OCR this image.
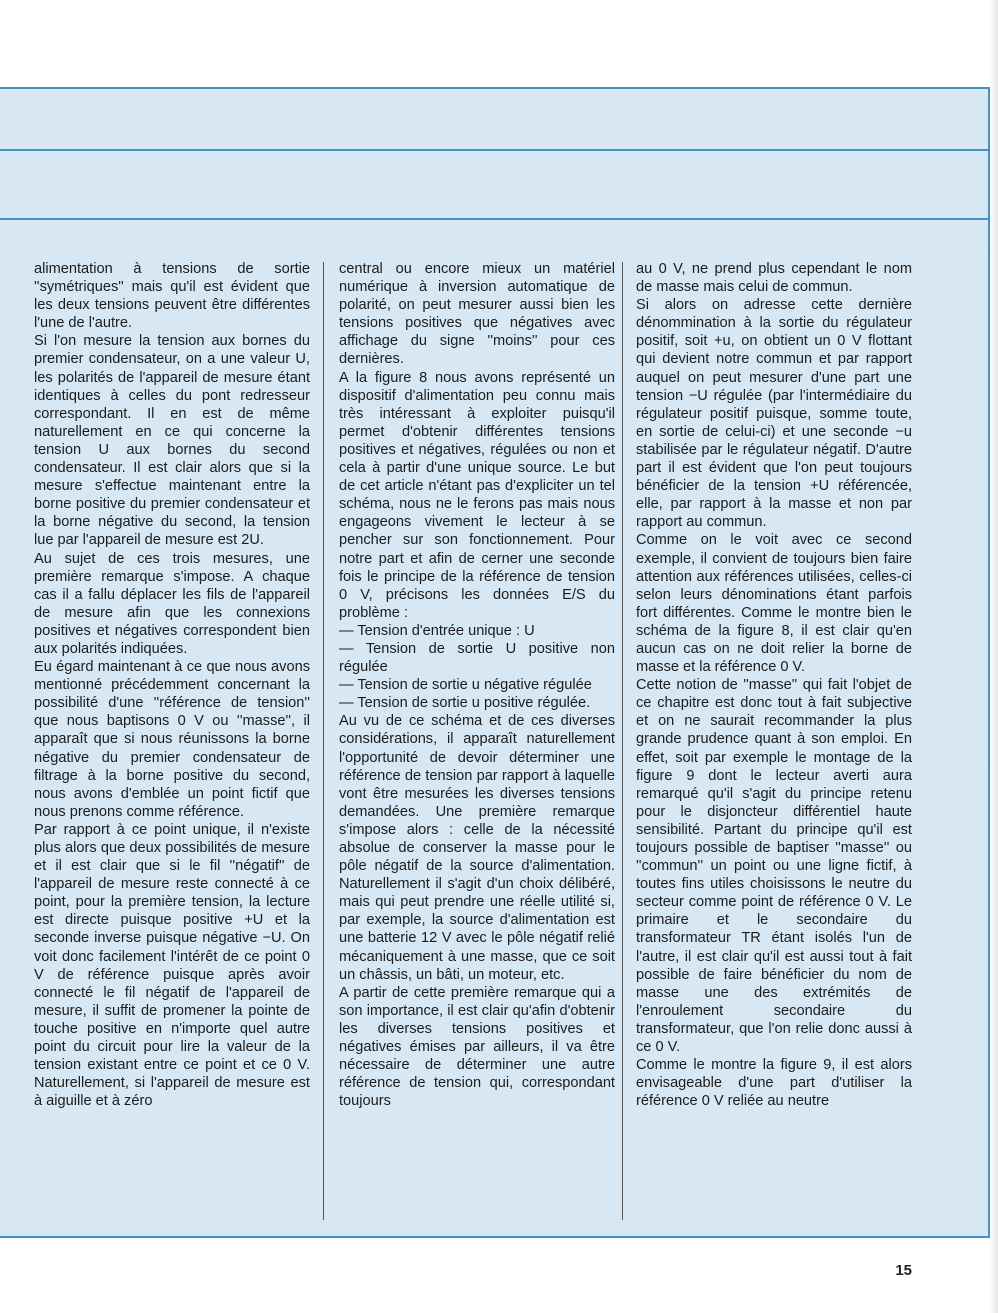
alimentation à tensions de sortie ''symétriques'' mais qu'il est évident que les deux tensions peuvent être différentes l'une de l'autre.

Si l'on mesure la tension aux bornes du premier condensateur, on a une valeur U, les polarités de l'appareil de mesure étant identiques à celles du pont redresseur correspondant. Il en est de même naturellement en ce qui concerne la tension U aux bornes du second condensateur. Il est clair alors que si la mesure s'effectue maintenant entre la borne positive du premier condensateur et la borne négative du second, la tension lue par l'appareil de mesure est 2U.

Au sujet de ces trois mesures, une première remarque s'impose. A chaque cas il a fallu déplacer les fils de l'appareil de mesure afin que les connexions positives et négatives correspondent bien aux polarités indiquées.

Eu égard maintenant à ce que nous avons mentionné précédemment concernant la possibilité d'une ''référence de tension'' que nous baptisons 0 V ou ''masse'', il apparaît que si nous réunissons la borne négative du premier condensateur de filtrage à la borne positive du second, nous avons d'emblée un point fictif que nous prenons comme référence.

Par rapport à ce point unique, il n'existe plus alors que deux possibilités de mesure et il est clair que si le fil ''négatif'' de l'appareil de mesure reste connecté à ce point, pour la première tension, la lecture est directe puisque positive +U et la seconde inverse puisque négative −U. On voit donc facilement l'intérêt de ce point 0 V de référence puisque après avoir connecté le fil négatif de l'appareil de mesure, il suffit de promener la pointe de touche positive en n'importe quel autre point du circuit pour lire la valeur de la tension existant entre ce point et ce 0 V. Naturellement, si l'appareil de mesure est à aiguille et à zéro

central ou encore mieux un matériel numérique à inversion automatique de polarité, on peut mesurer aussi bien les tensions positives que négatives avec affichage du signe ''moins'' pour ces dernières.

A la figure 8 nous avons représenté un dispositif d'alimentation peu connu mais très intéressant à exploiter puisqu'il permet d'obtenir différentes tensions positives et négatives, régulées ou non et cela à partir d'une unique source. Le but de cet article n'étant pas d'expliciter un tel schéma, nous ne le ferons pas mais nous engageons vivement le lecteur à se pencher sur son fonctionnement. Pour notre part et afin de cerner une seconde fois le principe de la référence de tension 0 V, précisons les données E/S du problème :

— Tension d'entrée unique : U

— Tension de sortie U positive non régulée

— Tension de sortie u négative régulée

— Tension de sortie u positive régulée.

Au vu de ce schéma et de ces diverses considérations, il apparaît naturellement l'opportunité de devoir déterminer une référence de tension par rapport à laquelle vont être mesurées les diverses tensions demandées. Une première remarque s'impose alors : celle de la nécessité absolue de conserver la masse pour le pôle négatif de la source d'alimentation. Naturellement il s'agit d'un choix délibéré, mais qui peut prendre une réelle utilité si, par exemple, la source d'alimentation est une batterie 12 V avec le pôle négatif relié mécaniquement à une masse, que ce soit un châssis, un bâti, un moteur, etc.

A partir de cette première remarque qui a son importance, il est clair qu'afin d'obtenir les diverses tensions positives et négatives émises par ailleurs, il va être nécessaire de déterminer une autre référence de tension qui, correspondant toujours

au 0 V, ne prend plus cependant le nom de masse mais celui de commun.

Si alors on adresse cette dernière dénommination à la sortie du régulateur positif, soit +u, on obtient un 0 V flottant qui devient notre commun et par rapport auquel on peut mesurer d'une part une tension −U régulée (par l'intermédiaire du régulateur positif puisque, somme toute, en sortie de celui-ci) et une seconde −u stabilisée par le régulateur négatif. D'autre part il est évident que l'on peut toujours bénéficier de la tension +U référencée, elle, par rapport à la masse et non par rapport au commun.

Comme on le voit avec ce second exemple, il convient de toujours bien faire attention aux références utilisées, celles-ci selon leurs dénominations étant parfois fort différentes. Comme le montre bien le schéma de la figure 8, il est clair qu'en aucun cas on ne doit relier la borne de masse et la référence 0 V.

Cette notion de ''masse'' qui fait l'objet de ce chapitre est donc tout à fait subjective et on ne saurait recommander la plus grande prudence quant à son emploi. En effet, soit par exemple le montage de la figure 9 dont le lecteur averti aura remarqué qu'il s'agit du principe retenu pour le disjoncteur différentiel haute sensibilité. Partant du principe qu'il est toujours possible de baptiser ''masse'' ou ''commun'' un point ou une ligne fictif, à toutes fins utiles choisissons le neutre du secteur comme point de référence 0 V. Le primaire et le secondaire du transformateur TR étant isolés l'un de l'autre, il est clair qu'il est aussi tout à fait possible de faire bénéficier du nom de masse une des extrémités de l'enroulement secondaire du transformateur, que l'on relie donc aussi à ce 0 V.

Comme le montre la figure 9, il est alors envisageable d'une part d'utiliser la référence 0 V reliée au neutre

15
